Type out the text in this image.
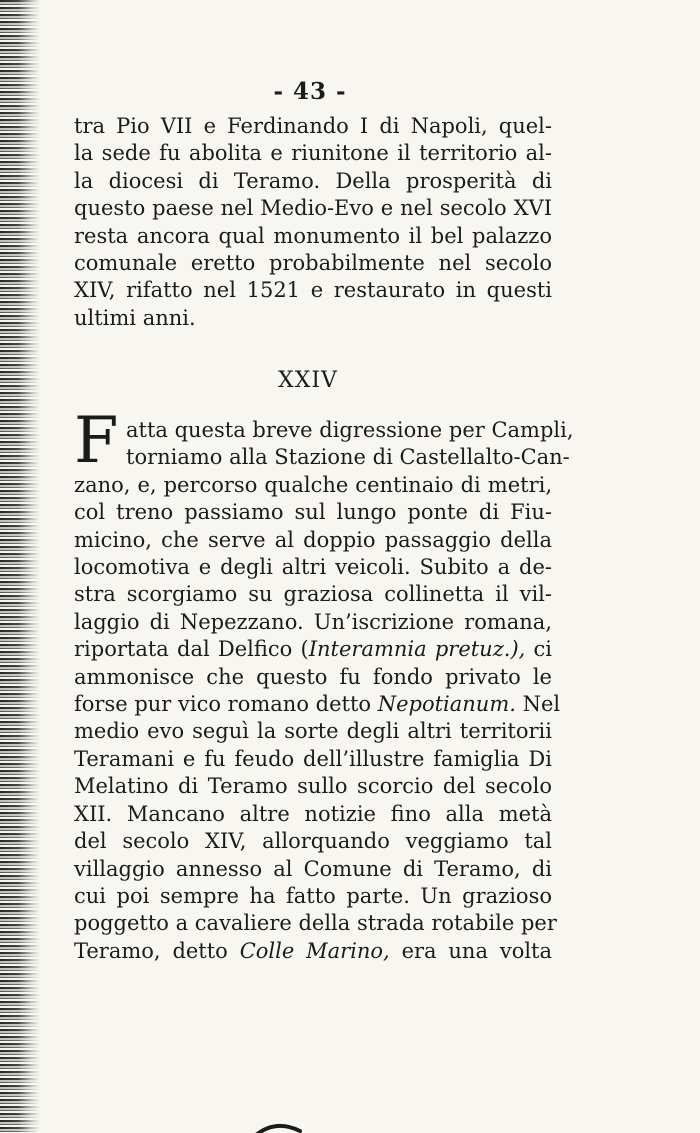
- 43 -
tra Pio VII e Ferdinando I di Napoli, quel-
la sede fu abolita e riunitone il territorio al-
la diocesi di Teramo. Della prosperità di
questo paese nel Medio-Evo e nel secolo XVI
resta ancora qual monumento il bel palazzo
comunale eretto probabilmente nel secolo
XIV, rifatto nel 1521 e restaurato in questi
ultimi anni.
XXIV
F atta questa breve digressione per Campli,
torniamo alla Stazione di Castellalto-Can-
zano, e, percorso qualche centinaio di metri,
col treno passiamo sul lungo ponte di Fiu-
micino, che serve al doppio passaggio della
locomotiva e degli altri veicoli. Subito a de-
stra scorgiamo su graziosa collinetta il vil-
laggio di Nepezzano. Un’iscrizione romana,
riportata dal Delfico (Interamnia pretuz.), ci
ammonisce che questo fu fondo privato le
forse pur vico romano detto Nepotianum. Nel
medio evo seguì la sorte degli altri territorii
Teramani e fu feudo dell’illustre famiglia Di
Melatino di Teramo sullo scorcio del secolo
XII. Mancano altre notizie fino alla metà
del secolo XIV, allorquando veggiamo tal
villaggio annesso al Comune di Teramo, di
cui poi sempre ha fatto parte. Un grazioso
poggetto a cavaliere della strada rotabile per
Teramo, detto Colle Marino, era una volta
